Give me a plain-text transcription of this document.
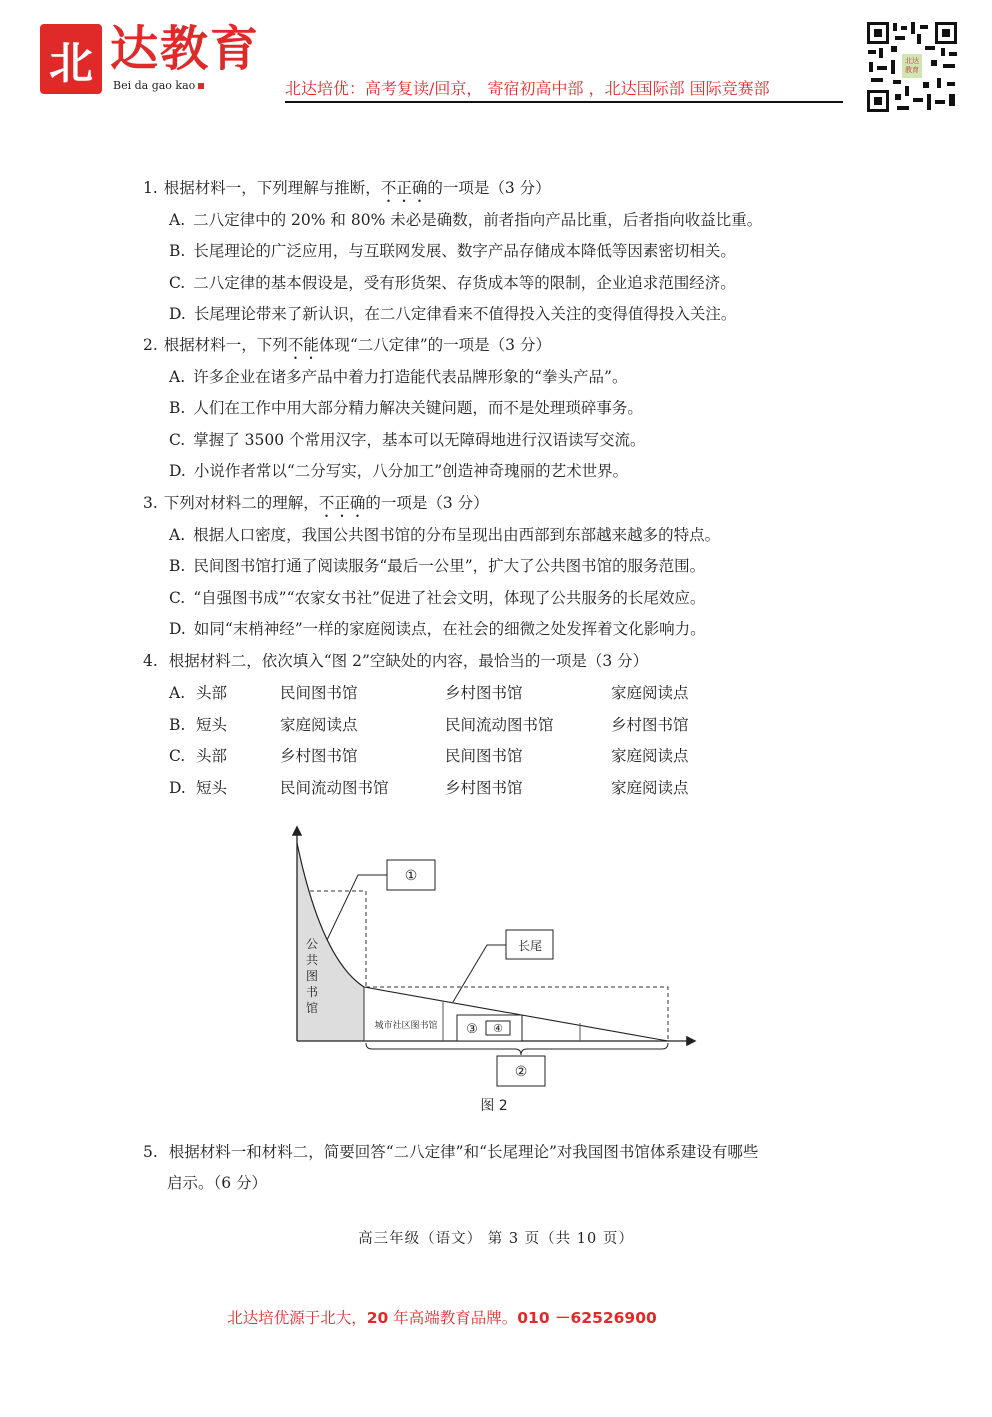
北 达教育
Bei da gao kao	北达培优：高考复读/回京， 寄宿初高中部 ，北达国际部 国际竞赛部
北达教育
1. 根据材料一，下列理解与推断，不正确的一项是（3 分）
A. 二八定律中的 20% 和 80% 未必是确数，前者指向产品比重，后者指向收益比重。
B. 长尾理论的广泛应用，与互联网发展、数字产品存储成本降低等因素密切相关。
C. 二八定律的基本假设是，受有形货架、存货成本等的限制，企业追求范围经济。
D. 长尾理论带来了新认识，在二八定律看来不值得投入关注的变得值得投入关注。
2. 根据材料一，下列不能体现“二八定律”的一项是（3 分）
A. 许多企业在诸多产品中着力打造能代表品牌形象的“拳头产品”。
B. 人们在工作中用大部分精力解决关键问题，而不是处理琐碎事务。
C. 掌握了 3500 个常用汉字，基本可以无障碍地进行汉语读写交流。
D. 小说作者常以“二分写实，八分加工”创造神奇瑰丽的艺术世界。
3. 下列对材料二的理解，不正确的一项是（3 分）
A. 根据人口密度，我国公共图书馆的分布呈现出由西部到东部越来越多的特点。
B. 民间图书馆打通了阅读服务“最后一公里”，扩大了公共图书馆的服务范围。
C. “自强图书成”“农家女书社”促进了社会文明，体现了公共服务的长尾效应。
D. 如同“末梢神经”一样的家庭阅读点，在社会的细微之处发挥着文化影响力。
4. 根据材料二，依次填入“图 2”空缺处的内容，最恰当的一项是（3 分）
A. 头部	民间图书馆	乡村图书馆	家庭阅读点
B. 短头	家庭阅读点	民间流动图书馆	乡村图书馆
C. 头部	乡村图书馆	民间图书馆	家庭阅读点
D. 短头	民间流动图书馆	乡村图书馆	家庭阅读点
①
长尾
②
③ ④
城市社区图书馆
公
共
图
书
馆
图 2
5. 根据材料一和材料二，简要回答“二八定律”和“长尾理论”对我国图书馆体系建设有哪些
启示。（6 分）
高三年级（语文） 第 3 页（共 10 页）
北达培优源于北大，20 年高端教育品牌。010 －62526900
